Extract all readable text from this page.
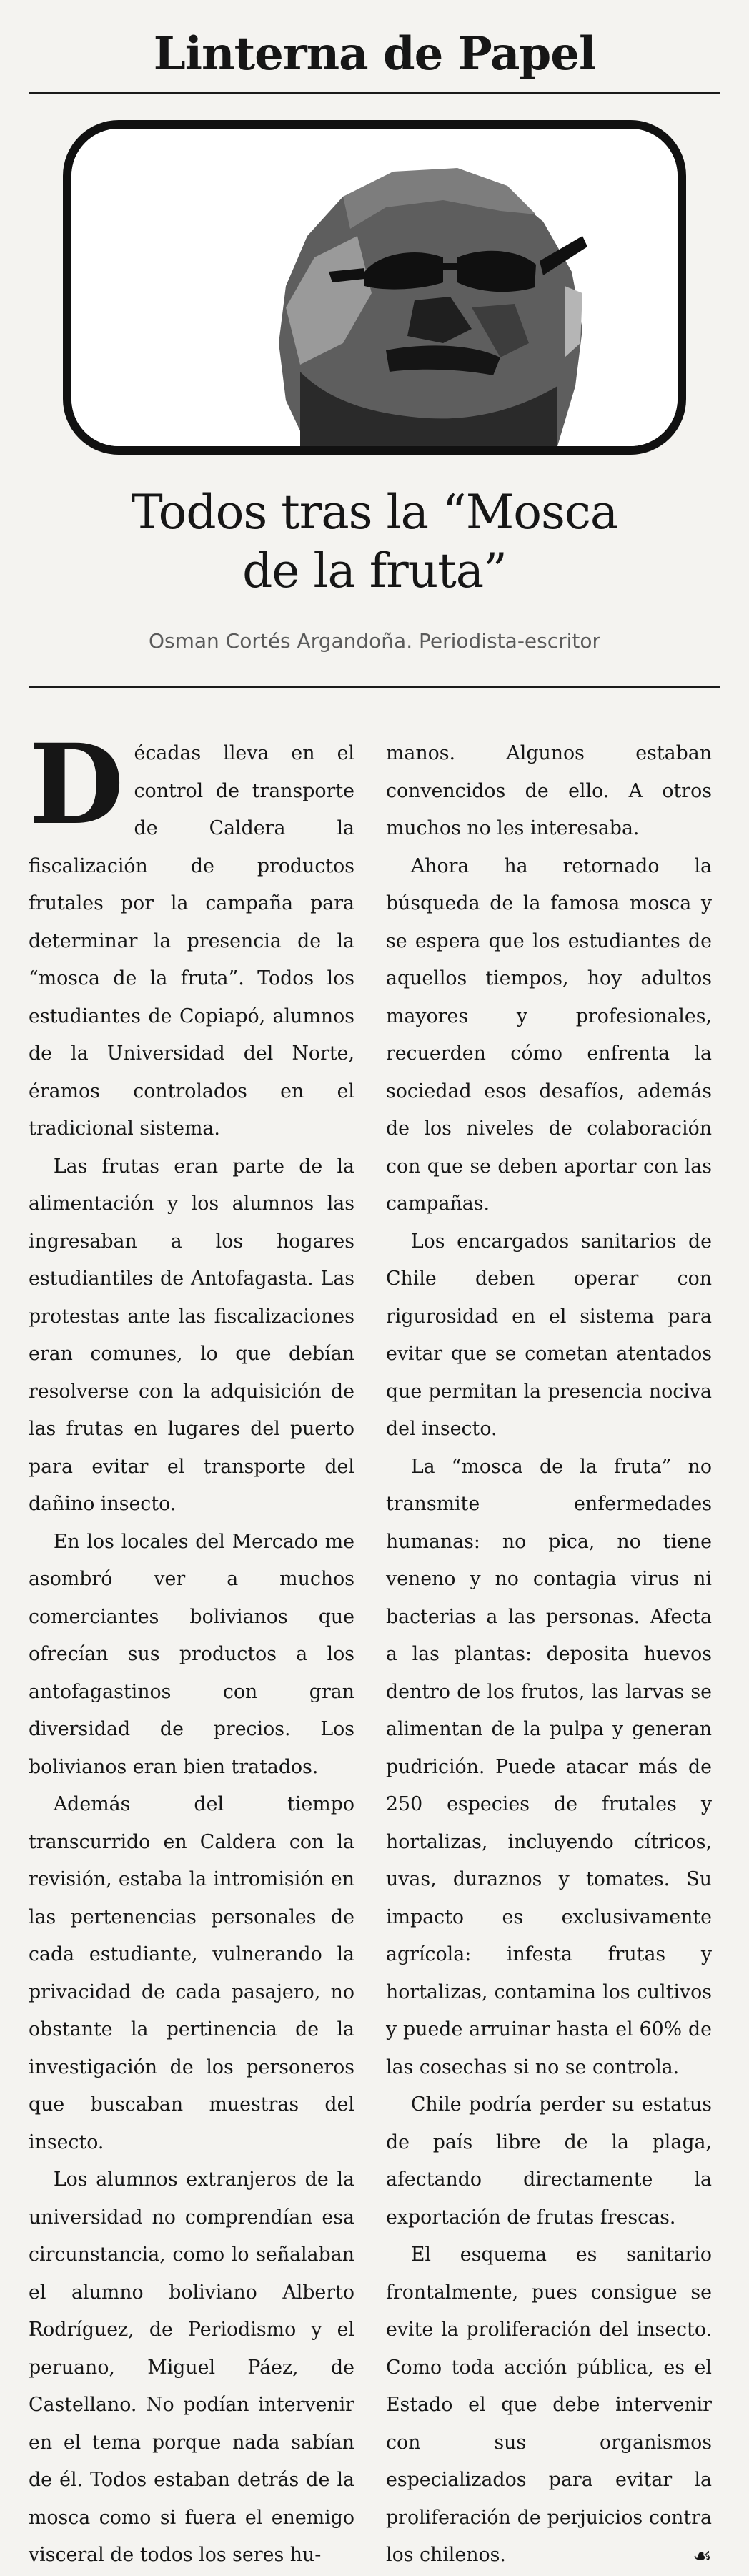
Linterna de Papel
Todos tras la “Mosca
de la fruta”
Osman Cortés Argandoña. Periodista-escritor

Décadas lleva en el control de transporte de Caldera la fiscalización de productos frutales por la campaña para determinar la presencia de la “mosca de la fruta”. Todos los estudiantes de Copiapó, alumnos de la Universidad del Norte, éramos controlados en el tradicional sistema.

Las frutas eran parte de la alimentación y los alumnos las ingresaban a los hogares estudiantiles de Antofagasta. Las protestas ante las fiscalizaciones eran comunes, lo que debían resolverse con la adquisición de las frutas en lugares del puerto para evitar el transporte del dañino insecto.

En los locales del Mercado me asombró ver a muchos comerciantes bolivianos que ofrecían sus productos a los antofagastinos con gran diversidad de precios. Los bolivianos eran bien tratados.

Además del tiempo transcurrido en Caldera con la revisión, estaba la intromisión en las pertenencias personales de cada estudiante, vulnerando la privacidad de cada pasajero, no obstante la pertinencia de la investigación de los personeros que buscaban muestras del insecto.

Los alumnos extranjeros de la universidad no comprendían esa circunstancia, como lo señalaban el alumno boliviano Alberto Rodríguez, de Periodismo y el peruano, Miguel Páez, de Castellano. No podían intervenir en el tema porque nada sabían de él. Todos estaban detrás de la mosca como si fuera el enemigo visceral de todos los seres hu-

manos. Algunos estaban convencidos de ello. A otros muchos no les interesaba.

Ahora ha retornado la búsqueda de la famosa mosca y se espera que los estudiantes de aquellos tiempos, hoy adultos mayores y profesionales, recuerden cómo enfrenta la sociedad esos desafíos, además de los niveles de colaboración con que se deben aportar con las campañas.

Los encargados sanitarios de Chile deben operar con rigurosidad en el sistema para evitar que se cometan atentados que permitan la presencia nociva del insecto.

La “mosca de la fruta” no transmite enfermedades humanas: no pica, no tiene veneno y no contagia virus ni bacterias a las personas. Afecta a las plantas: deposita huevos dentro de los frutos, las larvas se alimentan de la pulpa y generan pudrición. Puede atacar más de 250 especies de frutales y hortalizas, incluyendo cítricos, uvas, duraznos y tomates. Su impacto es exclusivamente agrícola: infesta frutas y hortalizas, contamina los cultivos y puede arruinar hasta el 60% de las cosechas si no se controla.

Chile podría perder su estatus de país libre de la plaga, afectando directamente la exportación de frutas frescas.

El esquema es sanitario frontalmente, pues consigue se evite la proliferación del insecto. Como toda acción pública, es el Estado el que debe intervenir con sus organismos especializados para evitar la proliferación de perjuicios contra los chilenos.	☙
